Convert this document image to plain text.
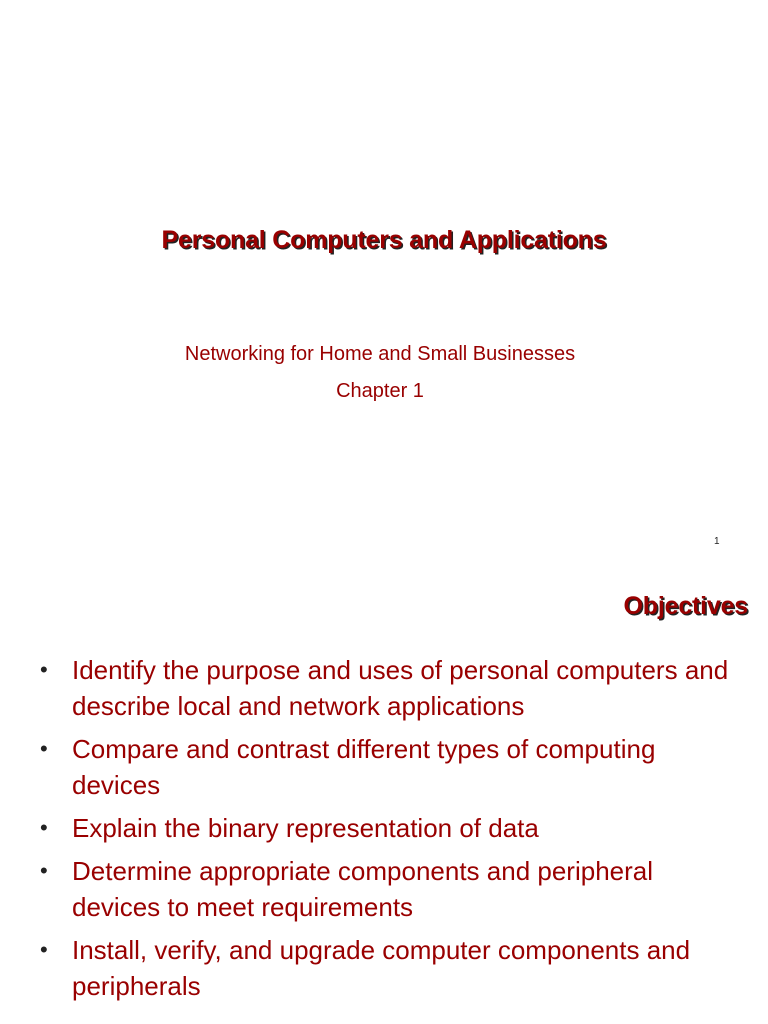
Personal Computers and Applications
Networking for Home and Small Businesses
Chapter 1
1
Objectives
• Identify the purpose and uses of personal computers and describe local and network applications
• Compare and contrast different types of computing devices
• Explain the binary representation of data
• Determine appropriate components and peripheral devices to meet requirements
• Install, verify, and upgrade computer components and peripherals
